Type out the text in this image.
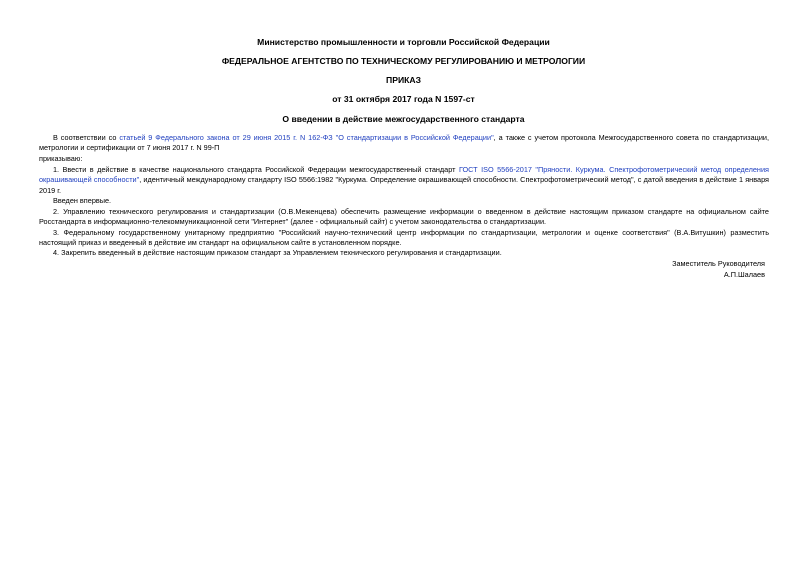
Министерство промышленности и торговли Российской Федерации
ФЕДЕРАЛЬНОЕ АГЕНТСТВО ПО ТЕХНИЧЕСКОМУ РЕГУЛИРОВАНИЮ И МЕТРОЛОГИИ
ПРИКАЗ
от 31 октября 2017 года N 1597-ст
О введении в действие межгосударственного стандарта

В соответствии со статьей 9 Федерального закона от 29 июня 2015 г. N 162-ФЗ "О стандартизации в Российской Федерации", а также с учетом протокола Межгосударственного совета по стандартизации, метрологии и сертификации от 7 июня 2017 г. N 99-П

приказываю:

1. Ввести в действие в качестве национального стандарта Российской Федерации межгосударственный стандарт ГОСТ ISO 5566-2017 "Пряности. Куркума. Спектрофотометрический метод определения окрашивающей способности", идентичный международному стандарту ISO 5566:1982 "Куркума. Определение окрашивающей способности. Спектрофотометрический метод", с датой введения в действие 1 января 2019 г.

Введен впервые.

2. Управлению технического регулирования и стандартизации (О.В.Меженцева) обеспечить размещение информации о введенном в действие настоящим приказом стандарте на официальном сайте Росстандарта в информационно-телекоммуникационной сети "Интернет" (далее - официальный сайт) с учетом законодательства о стандартизации.

3. Федеральному государственному унитарному предприятию "Российский научно-технический центр информации по стандартизации, метрологии и оценке соответствия" (В.А.Витушкин) разместить настоящий приказ и введенный в действие им стандарт на официальном сайте в установленном порядке.

4. Закрепить введенный в действие настоящим приказом стандарт за Управлением технического регулирования и стандартизации.

Заместитель Руководителя
А.П.Шалаев
